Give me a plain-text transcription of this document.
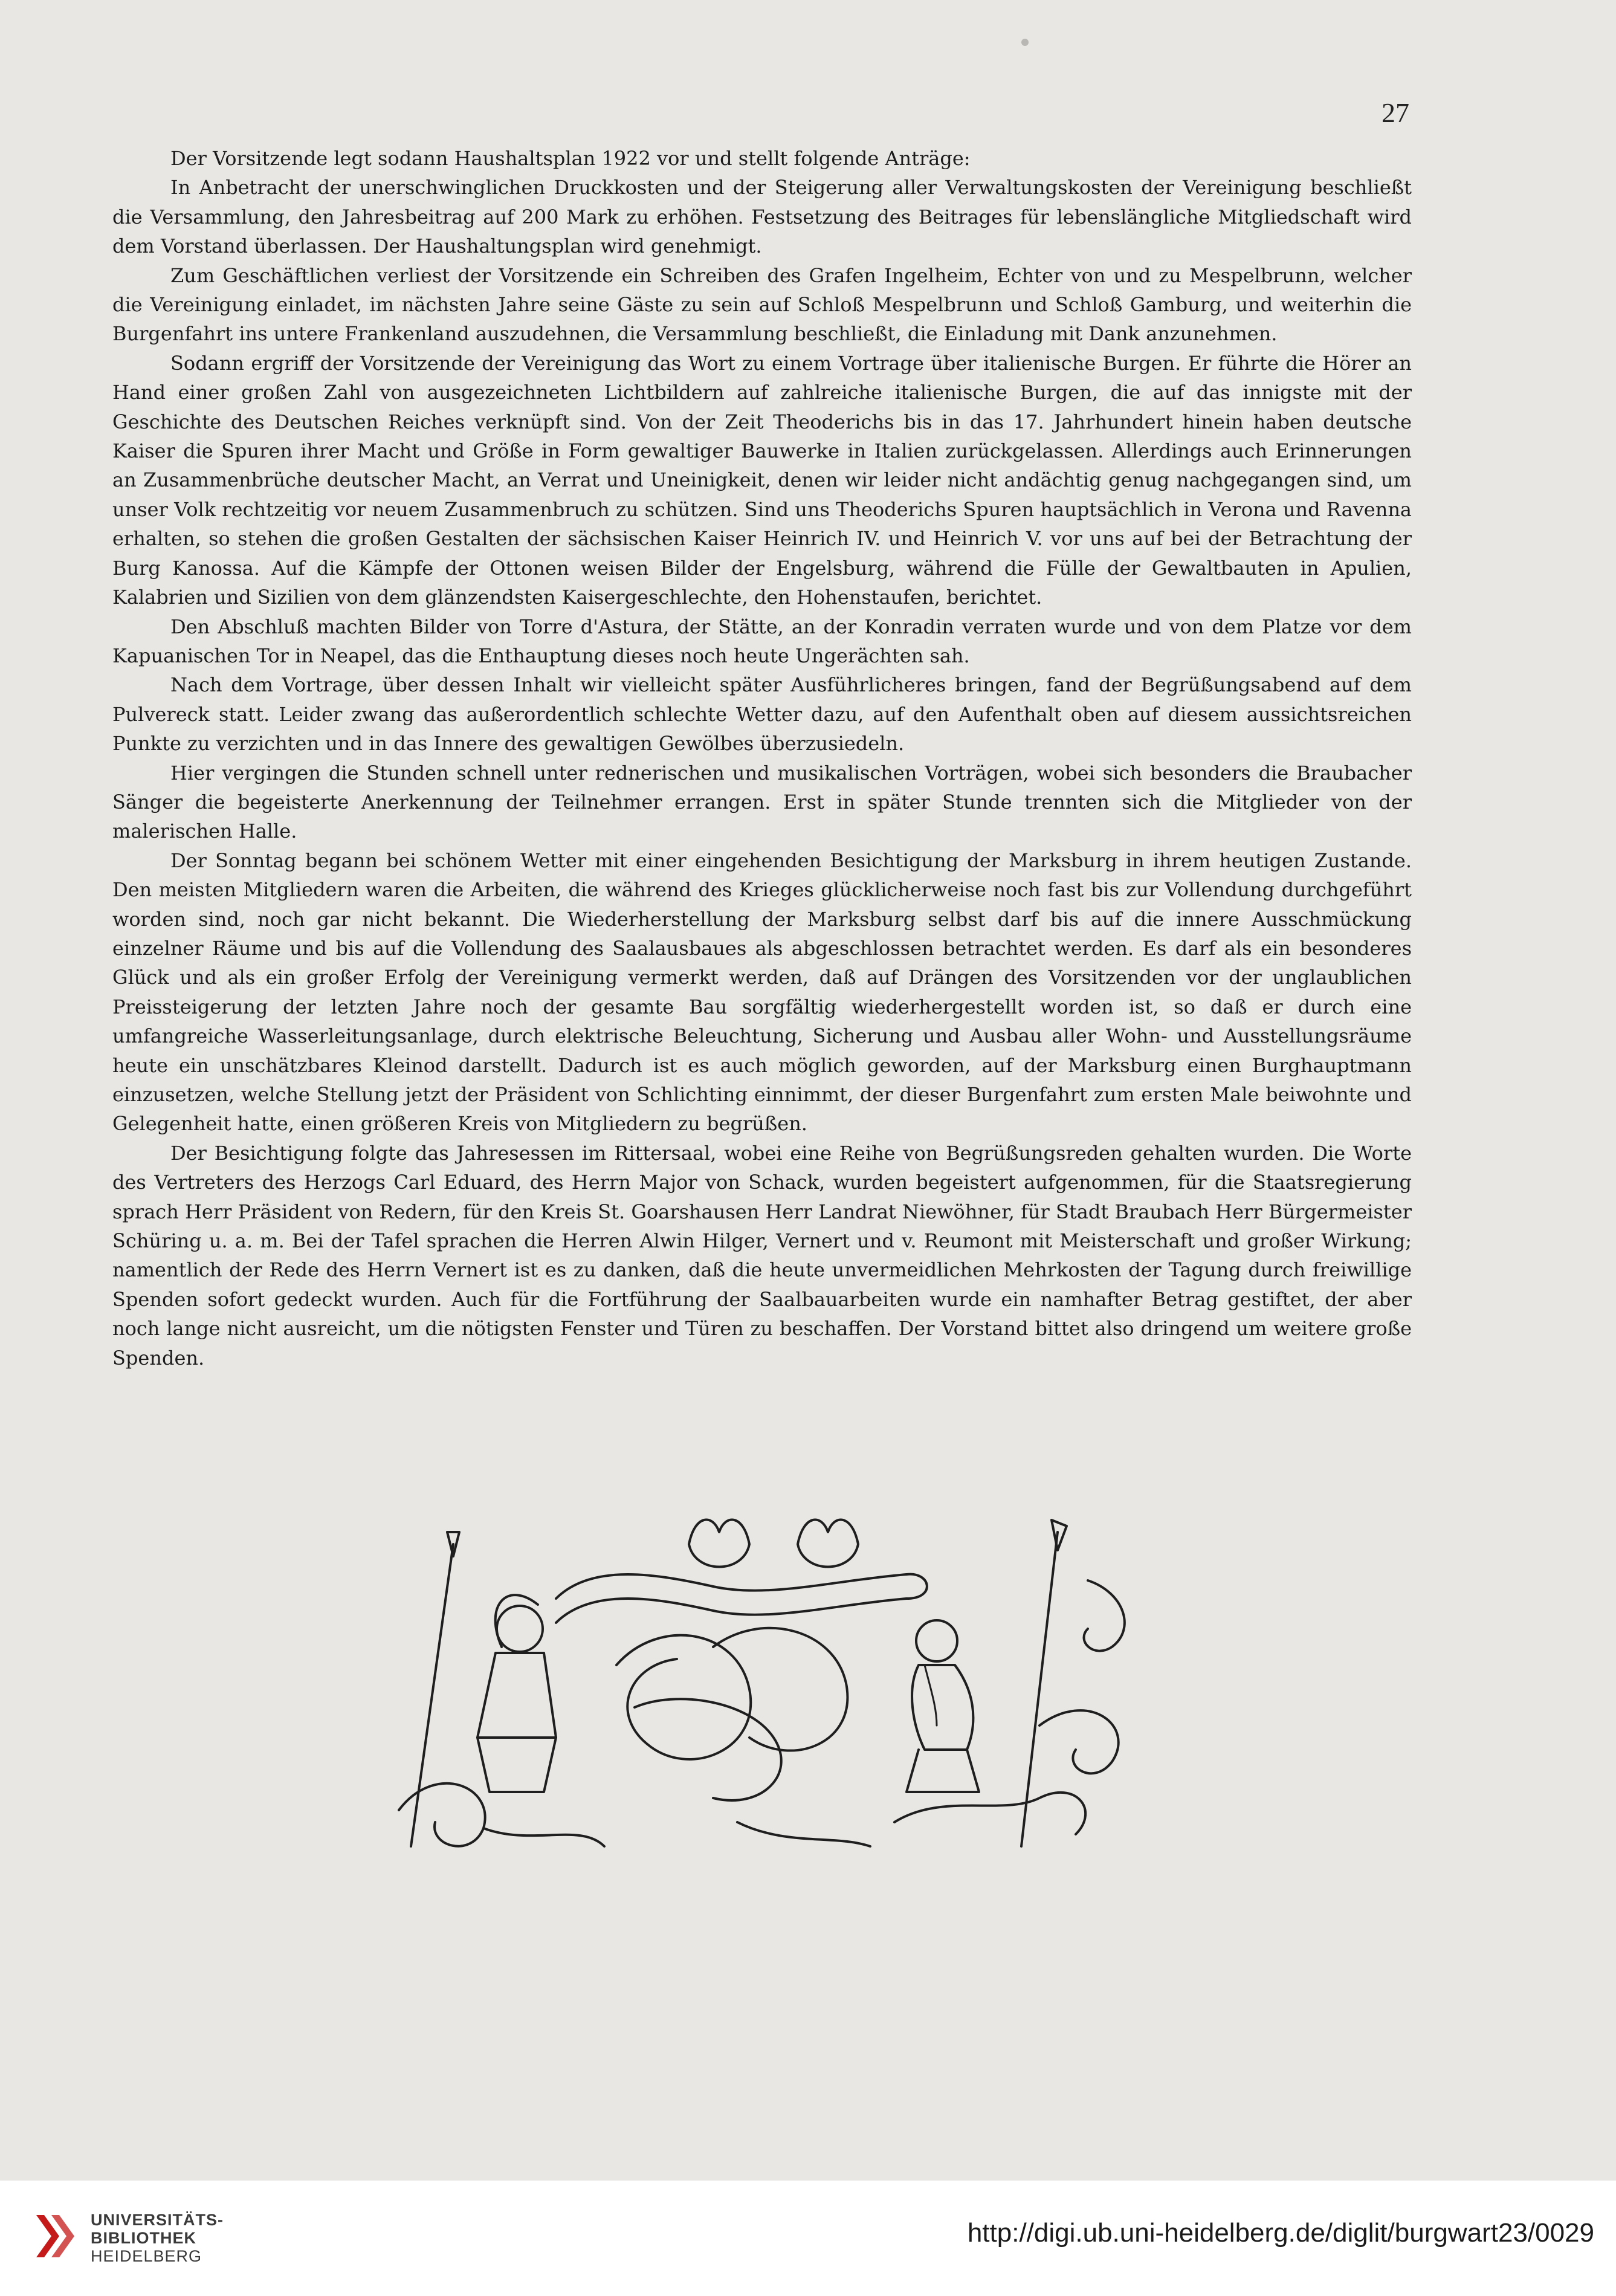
27

Der Vorsitzende legt sodann Haushaltsplan 1922 vor und stellt folgende Anträge:

In Anbetracht der unerschwinglichen Druckkosten und der Steigerung aller Verwaltungskosten der Vereinigung beschließt die Versammlung, den Jahresbeitrag auf 200 Mark zu erhöhen. Festsetzung des Beitrages für lebenslängliche Mitgliedschaft wird dem Vorstand überlassen. Der Haushaltungsplan wird genehmigt.

Zum Geschäftlichen verliest der Vorsitzende ein Schreiben des Grafen Ingelheim, Echter von und zu Mespelbrunn, welcher die Vereinigung einladet, im nächsten Jahre seine Gäste zu sein auf Schloß Mespelbrunn und Schloß Gamburg, und weiterhin die Burgenfahrt ins untere Frankenland auszudehnen, die Versammlung beschließt, die Einladung mit Dank anzunehmen.

Sodann ergriff der Vorsitzende der Vereinigung das Wort zu einem Vortrage über italienische Burgen. Er führte die Hörer an Hand einer großen Zahl von ausgezeichneten Lichtbildern auf zahlreiche italienische Burgen, die auf das innigste mit der Geschichte des Deutschen Reiches verknüpft sind. Von der Zeit Theoderichs bis in das 17. Jahrhundert hinein haben deutsche Kaiser die Spuren ihrer Macht und Größe in Form gewaltiger Bauwerke in Italien zurückgelassen. Allerdings auch Erinnerungen an Zusammenbrüche deutscher Macht, an Verrat und Uneinigkeit, denen wir leider nicht andächtig genug nachgegangen sind, um unser Volk rechtzeitig vor neuem Zusammenbruch zu schützen. Sind uns Theoderichs Spuren hauptsächlich in Verona und Ravenna erhalten, so stehen die großen Gestalten der sächsischen Kaiser Heinrich IV. und Heinrich V. vor uns auf bei der Betrachtung der Burg Kanossa. Auf die Kämpfe der Ottonen weisen Bilder der Engelsburg, während die Fülle der Gewaltbauten in Apulien, Kalabrien und Sizilien von dem glänzendsten Kaisergeschlechte, den Hohenstaufen, berichtet.

Den Abschluß machten Bilder von Torre d'Astura, der Stätte, an der Konradin verraten wurde und von dem Platze vor dem Kapuanischen Tor in Neapel, das die Enthauptung dieses noch heute Ungerächten sah.

Nach dem Vortrage, über dessen Inhalt wir vielleicht später Ausführlicheres bringen, fand der Begrüßungsabend auf dem Pulvereck statt. Leider zwang das außerordentlich schlechte Wetter dazu, auf den Aufenthalt oben auf diesem aussichtsreichen Punkte zu verzichten und in das Innere des gewaltigen Gewölbes überzusiedeln.

Hier vergingen die Stunden schnell unter rednerischen und musikalischen Vorträgen, wobei sich besonders die Braubacher Sänger die begeisterte Anerkennung der Teilnehmer errangen. Erst in später Stunde trennten sich die Mitglieder von der malerischen Halle.

Der Sonntag begann bei schönem Wetter mit einer eingehenden Besichtigung der Marksburg in ihrem heutigen Zustande. Den meisten Mitgliedern waren die Arbeiten, die während des Krieges glücklicherweise noch fast bis zur Vollendung durchgeführt worden sind, noch gar nicht bekannt. Die Wiederherstellung der Marksburg selbst darf bis auf die innere Ausschmückung einzelner Räume und bis auf die Vollendung des Saalausbaues als abgeschlossen betrachtet werden. Es darf als ein besonderes Glück und als ein großer Erfolg der Vereinigung vermerkt werden, daß auf Drängen des Vorsitzenden vor der unglaublichen Preissteigerung der letzten Jahre noch der gesamte Bau sorgfältig wiederhergestellt worden ist, so daß er durch eine umfangreiche Wasserleitungsanlage, durch elektrische Beleuchtung, Sicherung und Ausbau aller Wohn- und Ausstellungsräume heute ein unschätzbares Kleinod darstellt. Dadurch ist es auch möglich geworden, auf der Marksburg einen Burghauptmann einzusetzen, welche Stellung jetzt der Präsident von Schlichting einnimmt, der dieser Burgenfahrt zum ersten Male beiwohnte und Gelegenheit hatte, einen größeren Kreis von Mitgliedern zu begrüßen.

Der Besichtigung folgte das Jahresessen im Rittersaal, wobei eine Reihe von Begrüßungsreden gehalten wurden. Die Worte des Vertreters des Herzogs Carl Eduard, des Herrn Major von Schack, wurden begeistert aufgenommen, für die Staatsregierung sprach Herr Präsident von Redern, für den Kreis St. Goarshausen Herr Landrat Niewöhner, für Stadt Braubach Herr Bürgermeister Schüring u. a. m. Bei der Tafel sprachen die Herren Alwin Hilger, Vernert und v. Reumont mit Meisterschaft und großer Wirkung; namentlich der Rede des Herrn Vernert ist es zu danken, daß die heute unvermeidlichen Mehrkosten der Tagung durch freiwillige Spenden sofort gedeckt wurden. Auch für die Fortführung der Saalbauarbeiten wurde ein namhafter Betrag gestiftet, der aber noch lange nicht ausreicht, um die nötigsten Fenster und Türen zu beschaffen. Der Vorstand bittet also dringend um weitere große Spenden.

UNIVERSITÄTS-
BIBLIOTHEK
HEIDELBERG
http://digi.ub.uni-heidelberg.de/diglit/burgwart23/0029
